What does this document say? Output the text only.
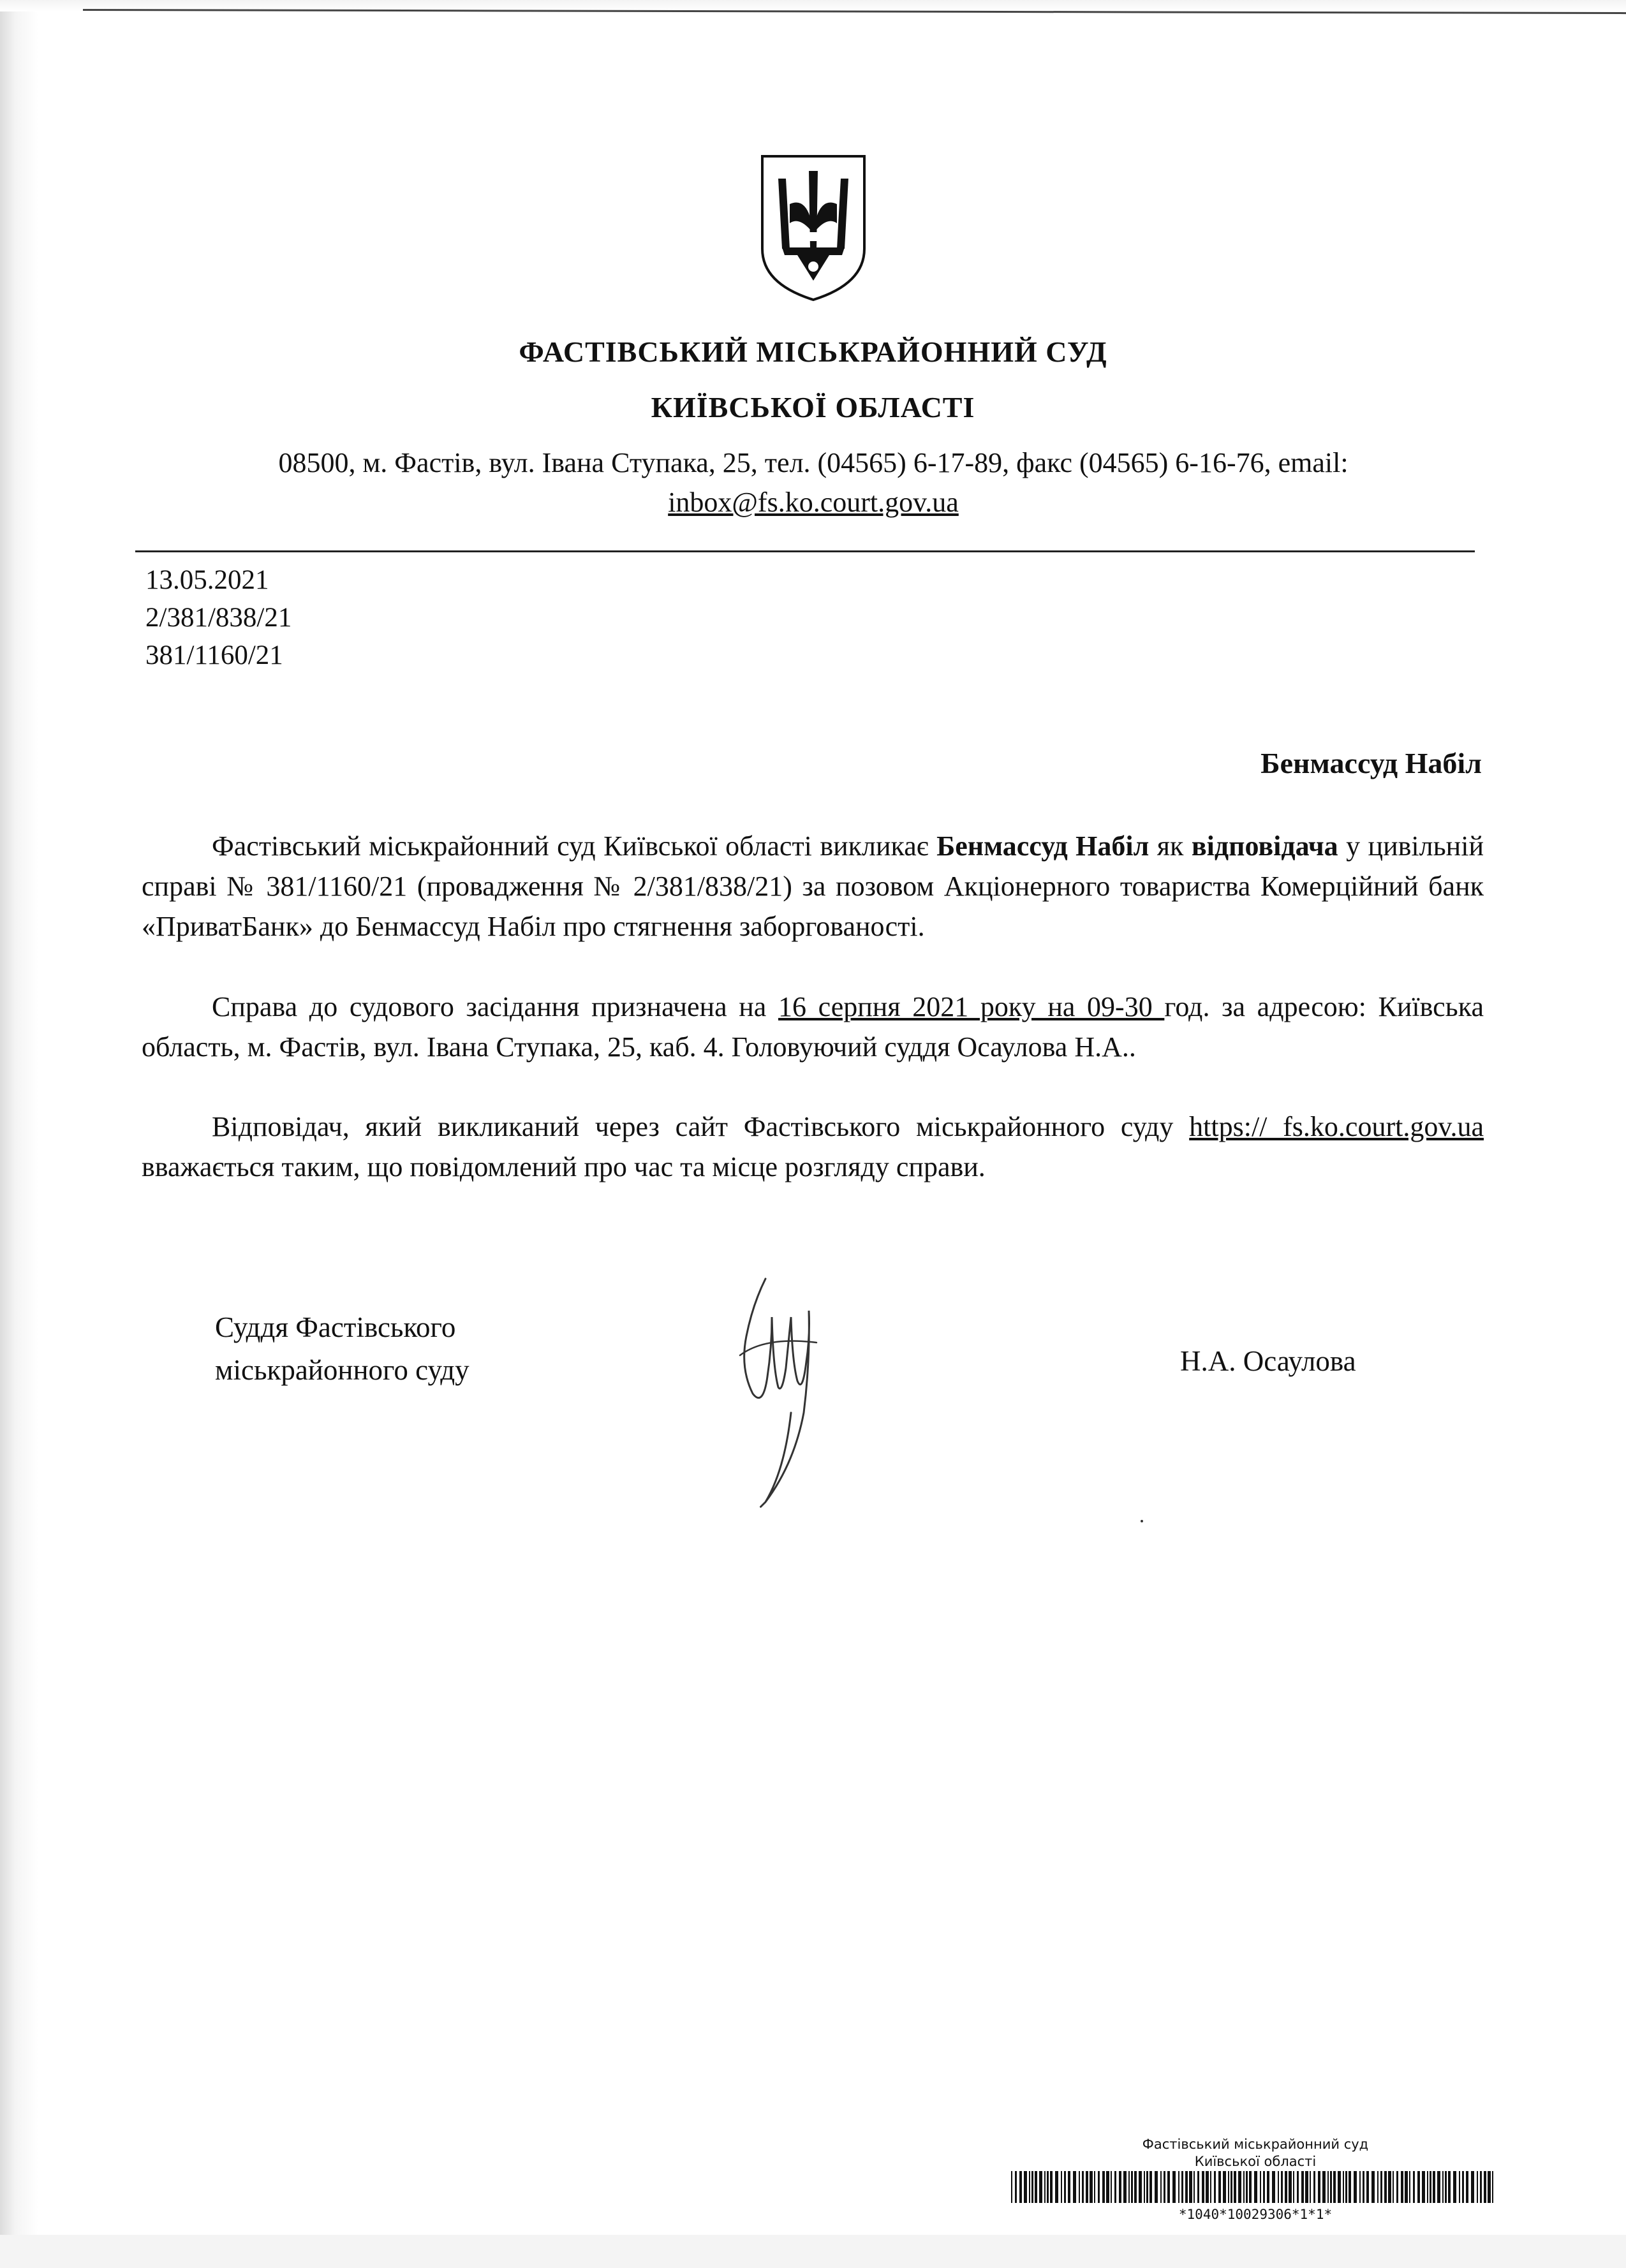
ФАСТІВСЬКИЙ МІСЬКРАЙОННИЙ СУД

КИЇВСЬКОЇ ОБЛАСТІ

08500, м. Фастів, вул. Івана Ступака, 25, тел. (04565) 6-17-89, факс (04565) 6-16-76, email:
inbox@fs.ko.court.gov.ua
13.05.2021
2/381/838/21
381/1160/21
Бенмассуд Набіл
Фастівський міськрайонний суд Київської області викликає Бенмассуд Набіл як відповідача у цивільній справі № 381/1160/21 (провадження № 2/381/838/21) за позовом Акціонерного товариства Комерційний банк «ПриватБанк» до Бенмассуд Набіл про стягнення заборгованості.
Справа до судового засідання призначена на 16 серпня 2021 року на 09-30 год. за адресою: Київська область, м. Фастів, вул. Івана Ступака, 25, каб. 4. Головуючий суддя Осаулова Н.А..
Відповідач, який викликаний через сайт Фастівського міськрайонного суду https:// fs.ko.court.gov.ua вважається таким, що повідомлений про час та місце розгляду справи.
Суддя Фастівського
міськрайонного суду	Н.А. Осаулова
Фастівський міськрайонний суд
Київської області
*1040*10029306*1*1*
